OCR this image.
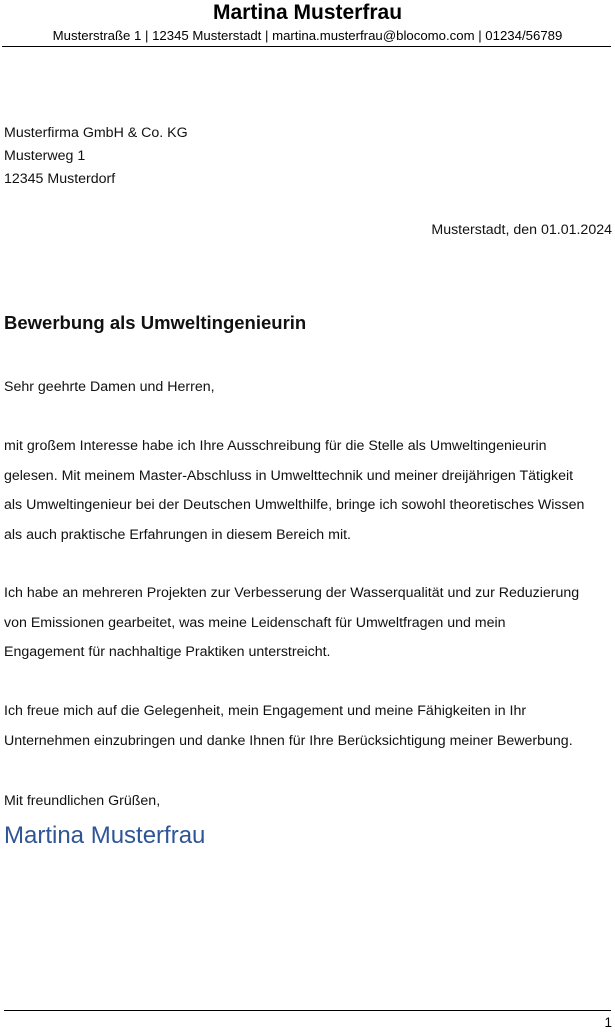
Martina Musterfrau
Musterstraße 1 | 12345 Musterstadt | martina.musterfrau@blocomo.com | 01234/56789
Musterfirma GmbH & Co. KG
Musterweg 1
12345 Musterdorf
Musterstadt, den 01.01.2024
Bewerbung als Umweltingenieurin
Sehr geehrte Damen und Herren,
mit großem Interesse habe ich Ihre Ausschreibung für die Stelle als Umweltingenieurin
gelesen. Mit meinem Master-Abschluss in Umwelttechnik und meiner dreijährigen Tätigkeit
als Umweltingenieur bei der Deutschen Umwelthilfe, bringe ich sowohl theoretisches Wissen
als auch praktische Erfahrungen in diesem Bereich mit.
Ich habe an mehreren Projekten zur Verbesserung der Wasserqualität und zur Reduzierung
von Emissionen gearbeitet, was meine Leidenschaft für Umweltfragen und mein
Engagement für nachhaltige Praktiken unterstreicht.
Ich freue mich auf die Gelegenheit, mein Engagement und meine Fähigkeiten in Ihr
Unternehmen einzubringen und danke Ihnen für Ihre Berücksichtigung meiner Bewerbung.
Mit freundlichen Grüßen,
Martina Musterfrau
1
